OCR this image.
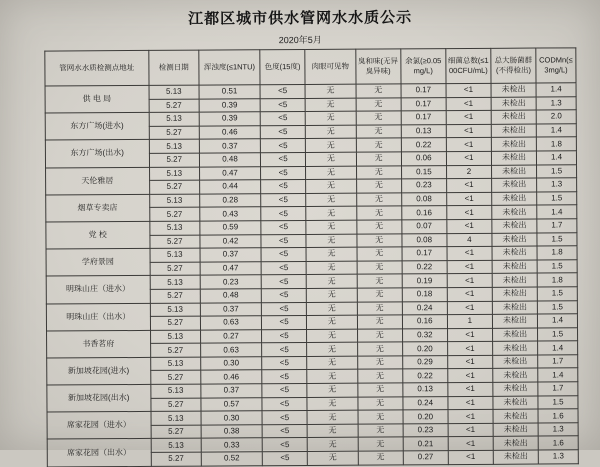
江都区城市供水管网水水质公示
2020年5月
管网水水质检测点地址	检测日期	浑浊度(≤1NTU)	色度(15度)	肉眼可见物	臭和味(无异臭异味)	余氯(≥0.05mg/L)	细菌总数(≤100CFU/mL)	总大肠菌群(不得检出)	CODMn(≤3mg/L)
供 电 局	5.13	0.51	<5	无	无	0.17	<1	未检出	1.4
	5.27	0.39	<5	无	无	0.17	<1	未检出	1.3
东方广场(进水)	5.13	0.39	<5	无	无	0.17	<1	未检出	2.0
	5.27	0.46	<5	无	无	0.13	<1	未检出	1.4
东方广场(出水)	5.13	0.37	<5	无	无	0.22	<1	未检出	1.8
	5.27	0.48	<5	无	无	0.06	<1	未检出	1.4
天伦雅居	5.13	0.47	<5	无	无	0.15	2	未检出	1.5
	5.27	0.44	<5	无	无	0.23	<1	未检出	1.3
烟草专卖店	5.13	0.28	<5	无	无	0.08	<1	未检出	1.5
	5.27	0.43	<5	无	无	0.16	<1	未检出	1.4
党 校	5.13	0.59	<5	无	无	0.07	<1	未检出	1.7
	5.27	0.42	<5	无	无	0.08	4	未检出	1.5
学府景园	5.13	0.37	<5	无	无	0.17	<1	未检出	1.8
	5.27	0.47	<5	无	无	0.22	<1	未检出	1.5
明珠山庄（进水）	5.13	0.23	<5	无	无	0.19	<1	未检出	1.8
	5.27	0.48	<5	无	无	0.18	<1	未检出	1.5
明珠山庄（出水）	5.13	0.37	<5	无	无	0.24	<1	未检出	1.5
	5.27	0.63	<5	无	无	0.16	1	未检出	1.4
书香茗府	5.13	0.27	<5	无	无	0.32	<1	未检出	1.5
	5.27	0.63	<5	无	无	0.20	<1	未检出	1.4
新加坡花园(进水)	5.13	0.30	<5	无	无	0.29	<1	未检出	1.7
	5.27	0.46	<5	无	无	0.22	<1	未检出	1.4
新加坡花园(出水)	5.13	0.37	<5	无	无	0.13	<1	未检出	1.7
	5.27	0.57	<5	无	无	0.24	<1	未检出	1.5
席家花园（进水）	5.13	0.30	<5	无	无	0.20	<1	未检出	1.6
	5.27	0.38	<5	无	无	0.23	<1	未检出	1.3
席家花园（出水）	5.13	0.33	<5	无	无	0.21	<1	未检出	1.6
	5.27	0.52	<5	无	无	0.27	<1	未检出	1.3
